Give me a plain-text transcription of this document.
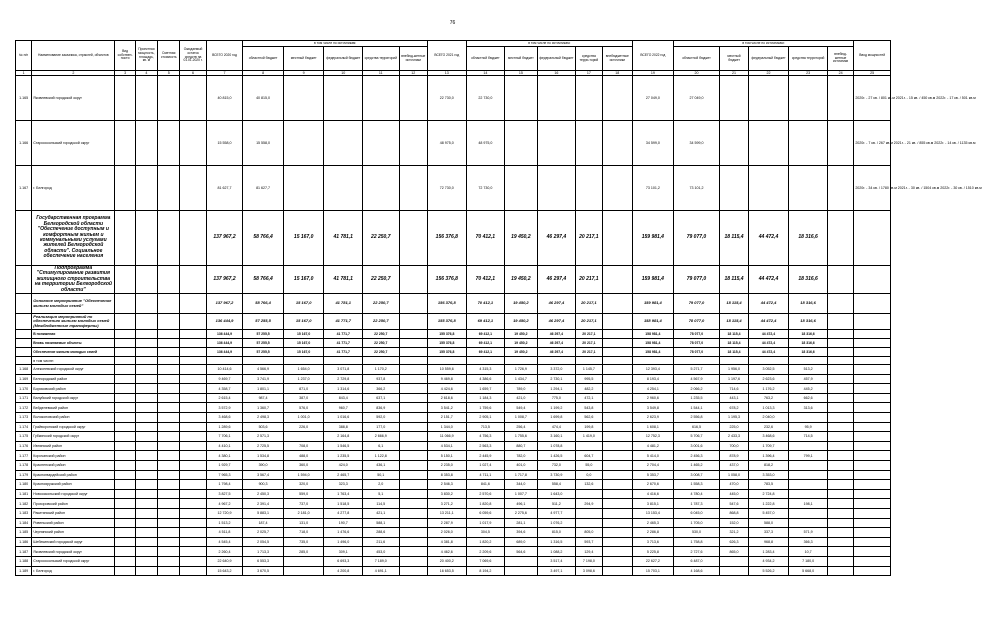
76
№ п/п	Наименование заказчика, отраслей, объектов	Вид собствен-ности	Проектная мощность, площадь, кв. м	Сметная стоимость	Ожидаемый остаток средств на 01.01.2020 г.	ВСЕГО 2020 год	в том числе по источникам:					ВСЕГО 2021 год	в том числе по источникам:					ВСЕГО 2022 год	в том числе по источникам:					Ввод мощностей
							областной бюджет	местный бюджет	федеральный бюджет	средства территорий	внебюд-жетные источники		областной бюджет	местный бюджет	федеральный бюджет	средства терри-торий	внебюджетные источники		областной бюджет	местный бюджет	федеральный бюджет	средства территорий	внебюд-жетные источники	
1	2	3	4	5	6	7	8	9	10	11	12	13	14	15	16	17	18	19	20	21	22	23	24	25
1.165	Яковлевский городской округ					40 815,0	40 815,0					22 730,0	22 730,0					27 049,0	27 049,0					2020г. - 27 кв. / 801 кв.м 2021г. - 15 кв. / 450 кв.м 2022г. - 17 кв. / 501 кв.м
1.166	Старооскольский городской округ					15 558,0	15 558,0					48 975,0	48 975,0					34 599,0	34 599,0					2020г. - 7 кв. / 267 кв.м 2021г. - 21 кв. / 855 кв.м 2022г. - 14 кв. / 1135 кв.м
1.167	г. Белгород					81 627,7	81 627,7					72 730,0	72 730,0					73 101,2	73 101,2					2020г. - 34 кв. / 1780 кв.м 2021г. - 30 кв. / 1504 кв.м 2022г. - 30 кв. / 1510 кв.м
	Государственная программа Белгородской области "Обеспечение доступным и комфортным жильем и коммунальными услугами жителей Белгородской области". Социальное обеспечение населения					137 967,2	58 766,4	15 167,0	41 781,1	22 250,7		156 376,8	70 412,1	19 450,2	46 297,4	20 217,1		159 981,4	79 077,0	18 115,4	44 472,4	18 316,6		
	Подпрограмма "Стимулирование развития жилищного строительства на территории Белгородской области"					137 967,2	58 766,4	15 167,0	41 781,1	22 250,7		156 376,8	70 412,1	19 450,2	46 297,4	20 217,1		159 981,4	79 077,0	18 115,4	44 472,4	18 316,6		
	Основное мероприятие "Обеспечение жильем молодых семей"					137 967,2	58 766,4	15 167,0	41 781,1	22 250,7		156 376,8	70 412,1	19 450,2	46 297,4	20 217,1		159 981,4	79 077,0	18 115,4	44 472,4	18 316,6		
	Реализация мероприятий по обеспечению жильем молодых семей (Межбюджетные трансферты)					136 444,9	57 255,5	15 167,0	41 771,7	22 250,7		155 376,8	69 412,1	19 450,2	46 297,4	20 217,1		158 981,4	78 077,0	18 115,4	44 472,4	18 316,6		
	В понижении					136 444,9	57 255,5	15 167,0	41 771,7	22 250,7		155 376,8	69 412,1	19 450,2	46 297,4	20 217,1		158 981,4	78 077,0	18 115,4	44 472,4	18 316,6		
	Вновь начинаемые объекты					136 444,9	57 255,5	15 167,0	41 771,7	22 250,7		155 376,8	69 412,1	19 450,2	46 297,4	20 217,1		158 981,4	78 077,0	18 115,4	44 472,4	18 316,6		
	Обеспечение жильем молодых семей					136 444,9	57 255,5	15 167,0	41 771,7	22 250,7		155 376,8	69 412,1	19 450,2	46 297,4	20 217,1		158 981,4	78 077,0	18 115,4	44 472,4	18 316,6		
	в том числе:																							
1.168	Алексеевский городской округ					10 414,6	4 566,9	1 654,0	3 071,8	1 170,2		10 559,6	4 315,3	1 726,9	3 372,0	1 145,7		12 393,4	5 271,7	1 956,0	3 052,5	513,2		
1.169	Белгородский район					9 469,7	3 741,9	1 237,0	2 729,8	937,8		9 469,8	4 386,6	1 434,7	2 730,1	995,5		8 193,4	4 567,9	1 197,6	2 623,6	457,9		
1.170	Борисовский район					4 358,7	1 801,1	871,0	1 314,6	366,2		4 424,6	1 659,7	789,0	1 294,1	482,2		4 254,1	2 066,2	714,6	1 176,2	445,2		
1.171	Валуйский городской округ					2 615,4	987,4	387,0	843,4	637,1		2 618,6	1 184,3	421,0	775,0	472,1		2 960,6	1 235,5	443,1	763,2	662,6		
1.172	Вейделевский район					3 572,9	1 360,7	576,0	960,7	836,9		3 541,2	1 759,6	549,4	1 199,2	543,8		3 549,8	1 544,1	678,2	1 013,3	313,6		
1.173	Волоконовский район					3 468,6	2 498,3	1 001,0	1 016,6	592,0		2 151,7	2 905,1	1 008,7	1 699,8	562,6		2 623,9	2 556,8	1 195,3	2 040,0			
1.174	Грайворонский городской округ					1 289,6	503,6	226,0	388,8	177,0		1 344,0	713,5	256,4	474,4	199,8		1 608,1	616,5	225,0	232,6	95,9		
1.175	Губкинский городской округ					7 706,1	2 571,3		2 164,8	2 666,9		11 066,9	4 756,3	1 755,6	3 160,1	1 419,0		12 752,3	5 706,7	2 433,3	3 468,6	714,5		
1.176	Ивнянский район					4 410,1	2 725,5	708,0	1 546,5	6,1		4 534,1	2 563,3	880,7	1 078,8			4 481,2	3 001,6	700,0	1 709,7			
1.177	Корочанский район					4 380,1	1 534,8	488,0	1 235,5	1 122,8		5 150,1	2 445,9	782,0	1 426,5	604,7		5 414,0	2 456,3	878,9	1 396,4	799,1		
1.178	Красненский район					1 929,7	390,0	360,0	424,0	436,1		2 235,0	1 027,4	401,0	732,0	55,0		2 704,4	1 465,2	437,0	818,2			
1.179	Красногвардейский район					7 965,3	3 567,4	1 594,0	2 465,7	50,1		8 353,8	4 711,1	1 717,8	3 730,9	0,0		5 353,7	3 008,7	1 058,0	3 353,0			
1.180	Краснояружский район					1 798,4	900,3	320,0	323,3	2,0		2 546,3	841,6	344,0	558,4	132,6		2 670,6	1 558,3	470,0	783,5			
1.181	Новооскольский городской округ					3 827,5	2 450,3	559,0	1 763,4	5,1		3 830,2	2 570,6	1 007,7	1 643,0			4 416,6	4 780,4	445,0	2 724,8			
1.182	Прохоровский район					4 967,2	2 391,4	737,0	1 518,5	114,5		3 271,2	1 820,8	496,1	511,2	294,9		3 815,1	1 787,3	547,6	1 222,8	198,1		
1.183	Ракитянский район					12 720,9	5 883,1	2 181,0	4 277,8	421,1		13 211,1	6 059,6	2 275,6	4 977,7			13 153,4	6 045,0	868,8	5 457,0			
1.184	Ровеньский район					1 513,2	187,4	131,0	190,7	588,1		2 287,9	1 017,9	281,1	1 076,2			2 465,3	1 705,0	152,0	588,0			
1.185	Чернянский район					4 511,8	2 025,7	718,0	1 476,6	288,6		2 026,0	304,5	394,6	815,0	805,0		2 286,8	530,0	321,2	337,3	571,9		
1.186	Шебекинский городской округ					4 545,4	2 054,5	735,0	1 496,0	211,6		4 381,8	1 820,2	689,0	1 316,5	593,7		3 713,6	1 758,8	626,3	968,8	366,3		
1.187	Яковлевский городской округ					2 260,4	1 713,3	285,0	309,1	453,0		4 462,6	2 209,6	564,6	1 088,2	129,4		5 225,8	2 727,6	865,0	1 283,4	10,7		
1.188	Старооскольский городской округ					22 640,9	6 553,3		6 693,3	7 189,0		20 400,2	7 069,6		3 517,4	7 198,0		22 627,2	6 487,0		4 934,2	7 180,0		
1.189	г. Белгород					15 643,2	3 670,5		4 200,8	4 691,1		16 653,5	8 194,2		3 497,1	3 098,6		15 703,1	4 168,6		5 526,2	5 668,0		
